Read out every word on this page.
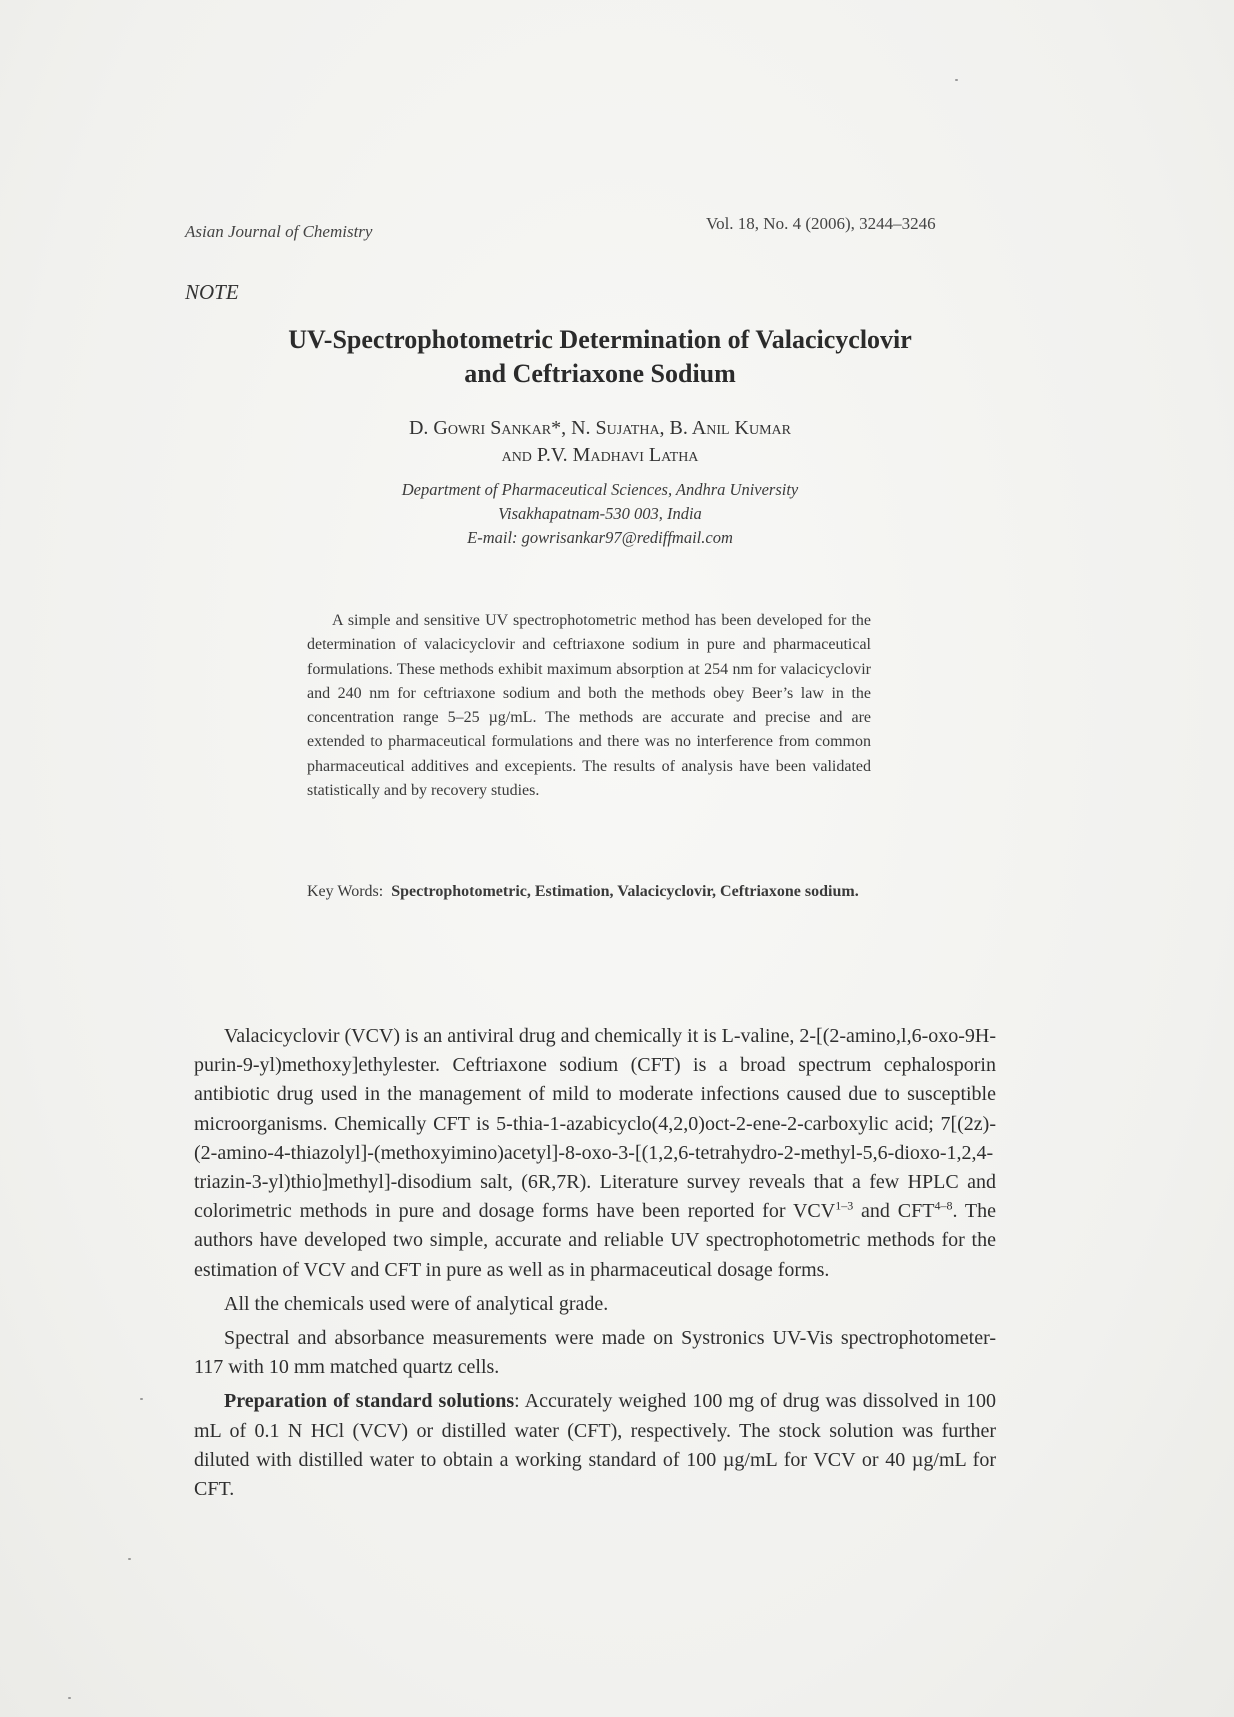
Asian Journal of Chemistry	Vol. 18, No. 4 (2006), 3244–3246
NOTE
UV-Spectrophotometric Determination of Valacicyclovir
and Ceftriaxone Sodium
D. Gowri Sankar*, N. Sujatha, B. Anil Kumar
and P.V. Madhavi Latha
Department of Pharmaceutical Sciences, Andhra University
Visakhapatnam-530 003, India
E-mail: gowrisankar97@rediffmail.com
A simple and sensitive UV spectrophotometric method has been developed for the determination of valacicyclovir and ceftriaxone sodium in pure and pharmaceutical formulations. These methods exhibit maximum absorption at 254 nm for valacicyclovir and 240 nm for ceftriaxone sodium and both the methods obey Beer’s law in the concentration range 5–25 µg/mL. The methods are accurate and precise and are extended to pharmaceutical formulations and there was no interference from common pharmaceutical additives and excepients. The results of analysis have been validated statistically and by recovery studies.
Key Words: Spectrophotometric, Estimation, Valacicyclovir, Ceftriaxone sodium.

Valacicyclovir (VCV) is an antiviral drug and chemically it is L-valine, 2-[(2-amino,l,6-oxo-9H-purin-9-yl)methoxy]ethylester. Ceftriaxone sodium (CFT) is a broad spectrum cephalosporin antibiotic drug used in the management of mild to moderate infections caused due to susceptible microorganisms. Chemically CFT is 5-thia-1-azabicyclo(4,2,0)oct-2-ene-2-carboxylic acid; 7[(2z)-(2-amino-4-thiazolyl]-(methoxyimino)acetyl]-8-oxo-3-[(1,2,6-tetrahydro-2-methyl-5,6-dioxo-1,2,4-triazin-3-yl)thio]methyl]-disodium salt, (6R,7R). Literature survey reveals that a few HPLC and colorimetric methods in pure and dosage forms have been reported for VCV$^{1-3}$ and CFT$^{4-8}$. The authors have developed two simple, accurate and reliable UV spectrophotometric methods for the estimation of VCV and CFT in pure as well as in pharmaceutical dosage forms.

All the chemicals used were of analytical grade.

Spectral and absorbance measurements were made on Systronics UV-Vis spectrophotometer-117 with 10 mm matched quartz cells.

Preparation of standard solutions: Accurately weighed 100 mg of drug was dissolved in 100 mL of 0.1 N HCl (VCV) or distilled water (CFT), respectively. The stock solution was further diluted with distilled water to obtain a working standard of 100 µg/mL for VCV or 40 µg/mL for CFT.
